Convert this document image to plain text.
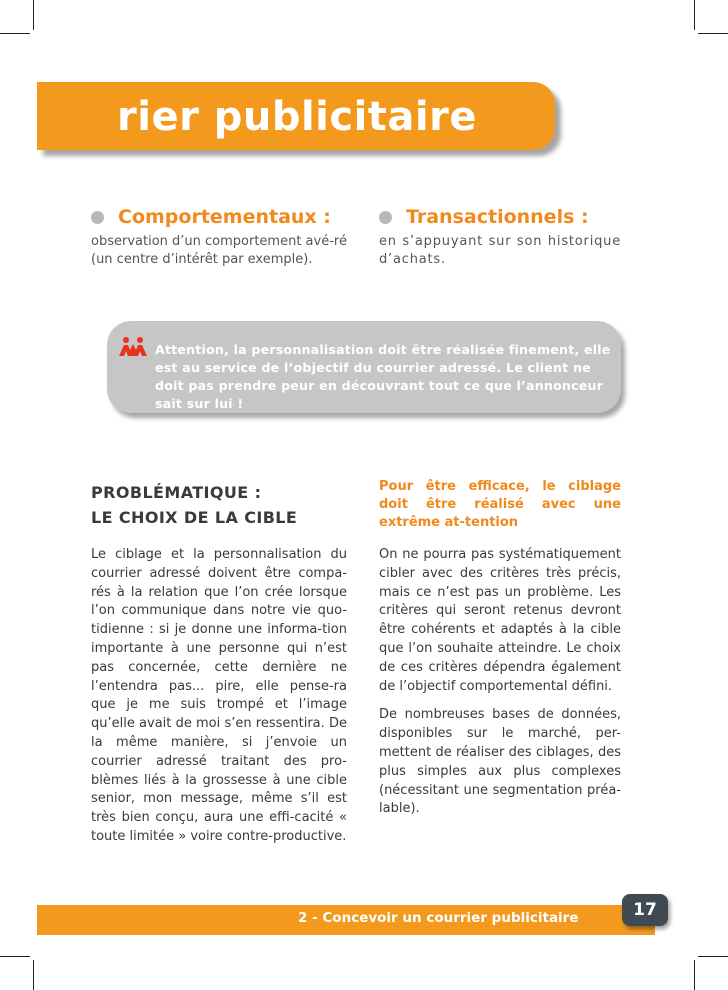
rier publicitaire
Comportementaux :
observation d’un comportement avé-ré (un centre d’intérêt par exemple).
Transactionnels :
en s’appuyant sur son historique d’achats.
Attention, la personnalisation doit être réalisée finement, elle est au service de l’objectif du courrier adressé. Le client ne doit pas prendre peur en découvrant tout ce que l’annonceur sait sur lui !
PROBLÉMATIQUE :
LE CHOIX DE LA CIBLE

Le ciblage et la personnalisation du courrier adressé doivent être compa-rés à la relation que l’on crée lorsque l’on communique dans notre vie quo-tidienne : si je donne une informa-tion importante à une personne qui n’est pas concernée, cette dernière ne l’entendra pas... pire, elle pense-ra que je me suis trompé et l’image qu’elle avait de moi s’en ressentira. De la même manière, si j’envoie un courrier adressé traitant des pro-blèmes liés à la grossesse à une cible senior, mon message, même s’il est très bien conçu, aura une effi-cacité « toute limitée » voire contre-productive.

Pour être efficace, le ciblage doit être réalisé avec une extrême at-tention

On ne pourra pas systématiquement cibler avec des critères très précis, mais ce n’est pas un problème. Les critères qui seront retenus devront être cohérents et adaptés à la cible que l’on souhaite atteindre. Le choix de ces critères dépendra également de l’objectif comportemental défini.

De nombreuses bases de données, disponibles sur le marché, per-mettent de réaliser des ciblages, des plus simples aux plus complexes (nécessitant une segmentation préa-lable).

2 - Concevoir un courrier publicitaire	17
